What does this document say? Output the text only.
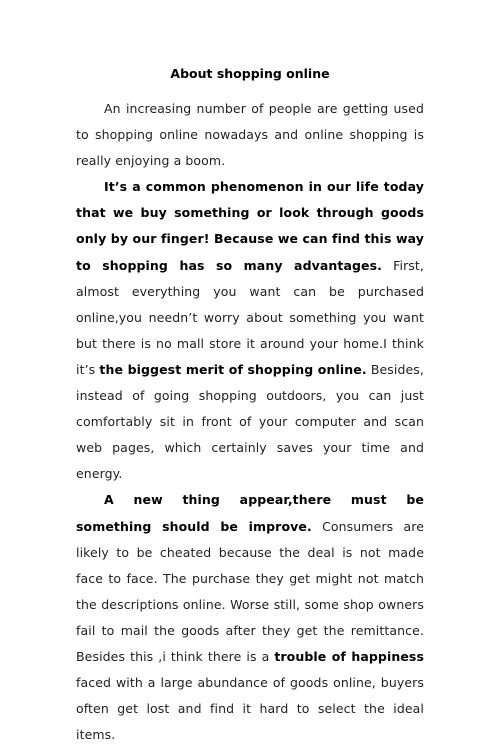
About shopping online

An increasing number of people are getting used to shopping online nowadays and online shopping is really enjoying a boom.

It’s a common phenomenon in our life today that we buy something or look through goods only by our finger! Because we can find this way to shopping has so many advantages. First, almost everything you want can be purchased online,you needn’t worry about something you want but there is no mall store it around your home.I think it’s the biggest merit of shopping online. Besides, instead of going shopping outdoors, you can just comfortably sit in front of your computer and scan web pages, which certainly saves your time and energy.

A new thing appear,there must be something should be improve. Consumers are likely to be cheated because the deal is not made face to face. The purchase they get might not match the descriptions online. Worse still, some shop owners fail to mail the goods after they get the remittance. Besides this ,i think there is a trouble of happiness faced with a large abundance of goods online, buyers often get lost and find it hard to select the ideal items.
